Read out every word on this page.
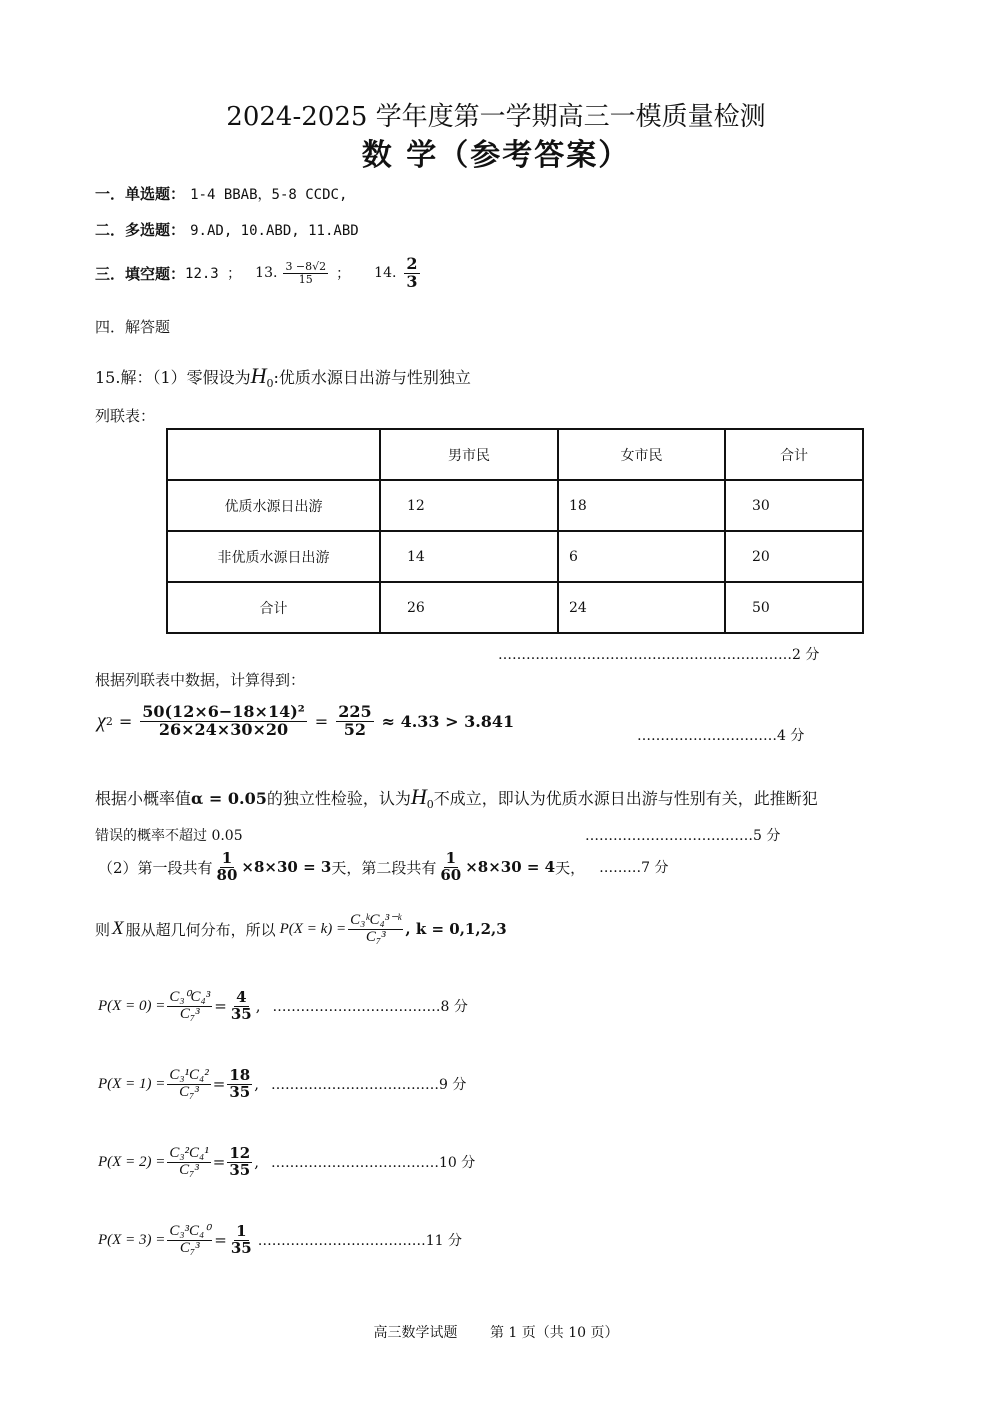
2024-2025 学年度第一学期高三一模质量检测
数 学（参考答案）
一．单选题： 1-4 BBAB，5-8 CCDC,
二．多选题： 9.AD, 10.ABD, 11.ABD
三．填空题： 12.3 ； 13. $\frac{3 -8√2}{15}$ ； 14. $\frac{2}{3}$
四．解答题
15.解：（1）零假设为$H_0$:优质水源日出游与性别独立
列联表：
	男市民	女市民	合计
优质水源日出游	12	18	30
非优质水源日出游	14	6	20
合计	26	24	50
………………………………………………………2 分
根据列联表中数据，计算得到：
χ $2 = \frac{\text{50(12×6−18×14)²}}{26\times 24\times 30\times 20} = \frac{225}{52} \approx 4.33 > 3.841$
…………………………4 分
根据小概率值α = 0.05的独立性检验，认为$H_0$不成立，即认为优质水源日出游与性别有关，此推断犯
错误的概率不超过 0.05	………………………………5 分
（2）第一段共有 $\frac{1}{80} \times 8\times 30 = 3$ 天，第二段共有 $\frac{1}{60} \times 8\times 30 = 4$ 天， ………7 分
则 X 服从超几何分布，所以 $P(X = k) = \frac{\text{C₃ᵏC₄³⁻ᵏ}}{\text{C₇³}}$ , k = 0,1,2,3
$P(X = 0) = \frac{\text{C₃⁰C₄³}}{\text{C₇³}} = \frac{4}{35}$ , ………………………………8 分
$P(X = 1) = \frac{\text{C₃¹C₄²}}{\text{C₇³}} = \frac{18}{35}$ , ………………………………9 分
$P(X = 2) = \frac{\text{C₃²C₄¹}}{\text{C₇³}} = \frac{12}{35}$ , ………………………………10 分
$P(X = 3) = \frac{\text{C₃³C₄⁰}}{\text{C₇³}} = \frac{1}{35}$ ………………………………11 分
高三数学试题 第 1 页（共 10 页）
